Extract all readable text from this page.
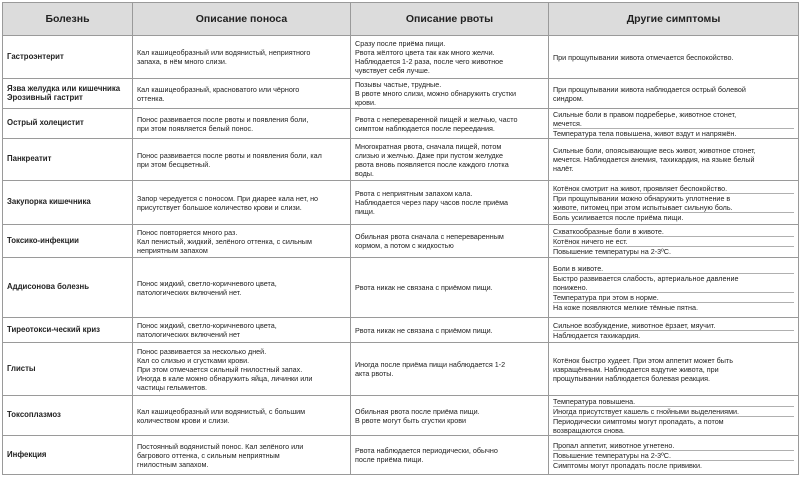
Болезнь	Описание поноса	Описание рвоты	Другие симптомы
Гастроэнтерит	Кал кашицеобразный или водянистый, неприятного
запаха, в нём много слизи.	Сразу после приёма пищи.
Рвота жёлтого цвета так как много желчи.
Наблюдается 1-2 раза, после чего животное
чувствует себя лучше.	При прощупывании живота отмечается беспокойство.

Язва желудка или кишечника Эрозивный гастрит	Кал кашицеобразный, красноватого или чёрного
оттенка.	Позывы частые, трудные.
В рвоте много слизи, можно обнаружить сгустки
крови.	При прощупывании живота наблюдается острый болевой
синдром.

Острый холецистит	Понос развивается после рвоты и появления боли,
при этом появляется белый понос.	Рвота с непереваренной пищей и желчью, часто
симптом наблюдается после переедания.	Сильные боли в правом подреберье, животное стонет,
мечется.
Температура тела повышена, живот вздут и напряжён.

Панкреатит	Понос развивается после рвоты и появления боли, кал
при этом бесцветный.	Многократная рвота, сначала пищей, потом
слизью и желчью. Даже при пустом желудке
рвота вновь появляется после каждого глотка
воды.	Сильные боли, опоясывающие весь живот, животное стонет,
мечется. Наблюдается анемия, тахикардия, на языке белый
налёт.

Закупорка кишечника	Запор чередуется с поносом. При диарее кала нет, но
присутствует большое количество крови и слизи.	Рвота с неприятным запахом кала.
Наблюдается через пару часов после приёма
пищи.	Котёнок смотрит на живот, проявляет беспокойство.
При прощупывании можно обнаружить уплотнение в
животе, питомец при этом испытывает сильную боль.
Боль усиливается после приёма пищи.

Токсико-инфекции	Понос повторяется много раз.
Кал пенистый, жидкий, зелёного оттенка, с сильным
неприятным запахом	Обильная рвота сначала с непереваренным
кормом, а потом с жидкостью	Схваткообразные боли в животе.
Котёнок ничего не ест.
Повышение температуры на 2-3ºС.

Аддисонова болезнь	Понос жидкий, светло-коричневого цвета,
патологических включений нет.	Рвота никак не связана с приёмом пищи.	Боли в животе.
Быстро развивается слабость, артериальное давление
понижено.
Температура при этом в норме.
На коже появляются мелкие тёмные пятна.

Тиреотокси-ческий криз	Понос жидкий, светло-коричневого цвета,
патологических включений нет	Рвота никак не связана с приёмом пищи.	Сильное возбуждение, животное ёрзает, мяучит.
Наблюдается тахикардия.

Глисты	Понос развивается за несколько дней.
Кал со слизью и сгустками крови.
При этом отмечается сильный гнилостный запах.
Иногда в кале можно обнаружить яйца, личинки или
частицы гельминтов.	Иногда после приёма пищи наблюдается 1-2
акта рвоты.	Котёнок быстро худеет. При этом аппетит может быть
извращённым. Наблюдается вздутие живота, при
прощупывании наблюдается болевая реакция.

Токсоплазмоз	Кал кашицеобразный или водянистый, с большим
количеством крови и слизи.	Обильная рвота после приёма пищи.
В рвоте могут быть сгустки крови	Температура повышена.
Иногда присутствует кашель с гнойными выделениями.
Периодически симптомы могут пропадать, а потом
возвращаются снова.

Инфекция	Постоянный водянистый понос. Кал зелёного или
багрового оттенка, с сильным неприятным
гнилостным запахом.	Рвота наблюдается периодически, обычно
после приёма пищи.	Пропал аппетит, животное угнетено.
Повышение температуры на 2-3ºС.
Симптомы могут пропадать после прививки.
